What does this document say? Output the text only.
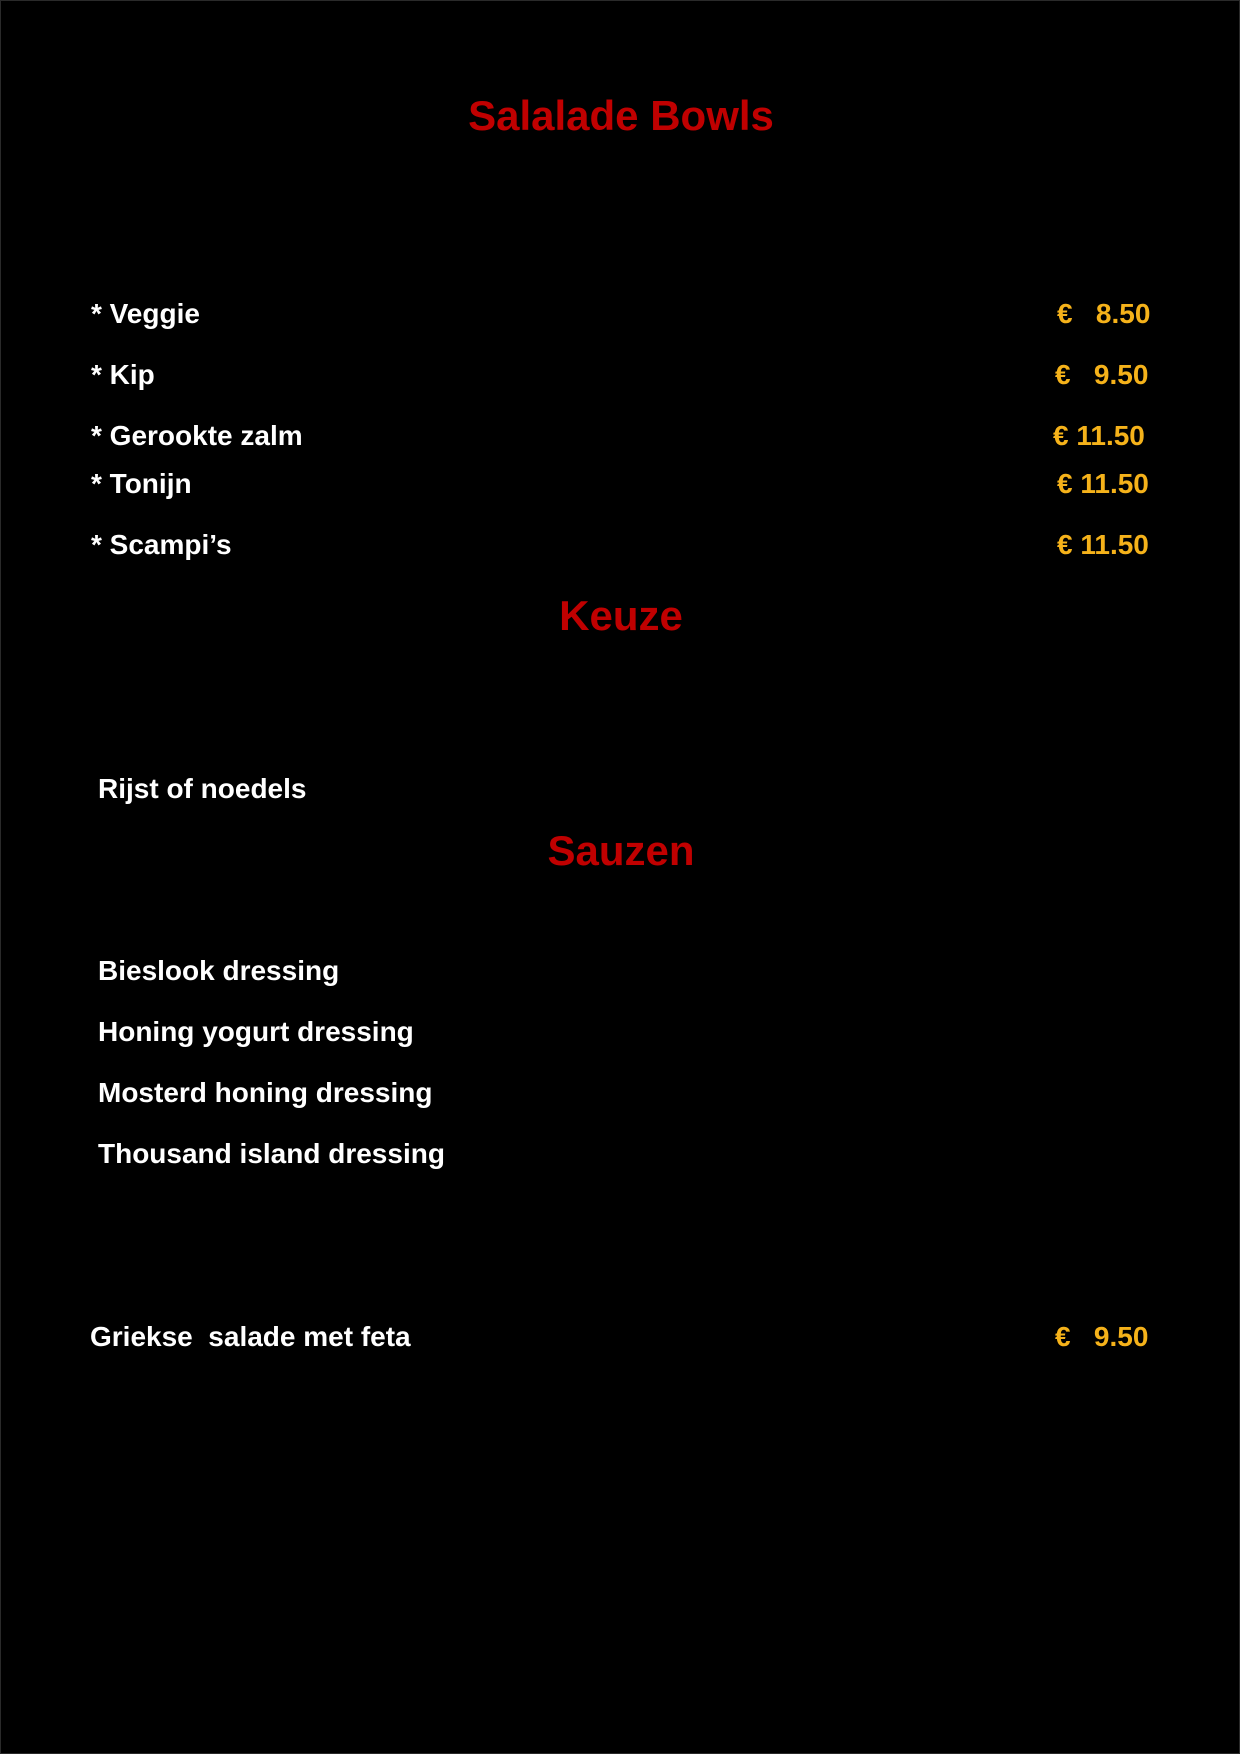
Salalade Bowls
* Veggie	€   8.50
* Kip	€   9.50
* Gerookte zalm	€ 11.50
* Tonijn	€ 11.50
* Scampi’s	€ 11.50
Keuze
Rijst of noedels
Sauzen
Bieslook dressing
Honing yogurt dressing
Mosterd honing dressing
Thousand island dressing
Griekse  salade met feta	€   9.50
